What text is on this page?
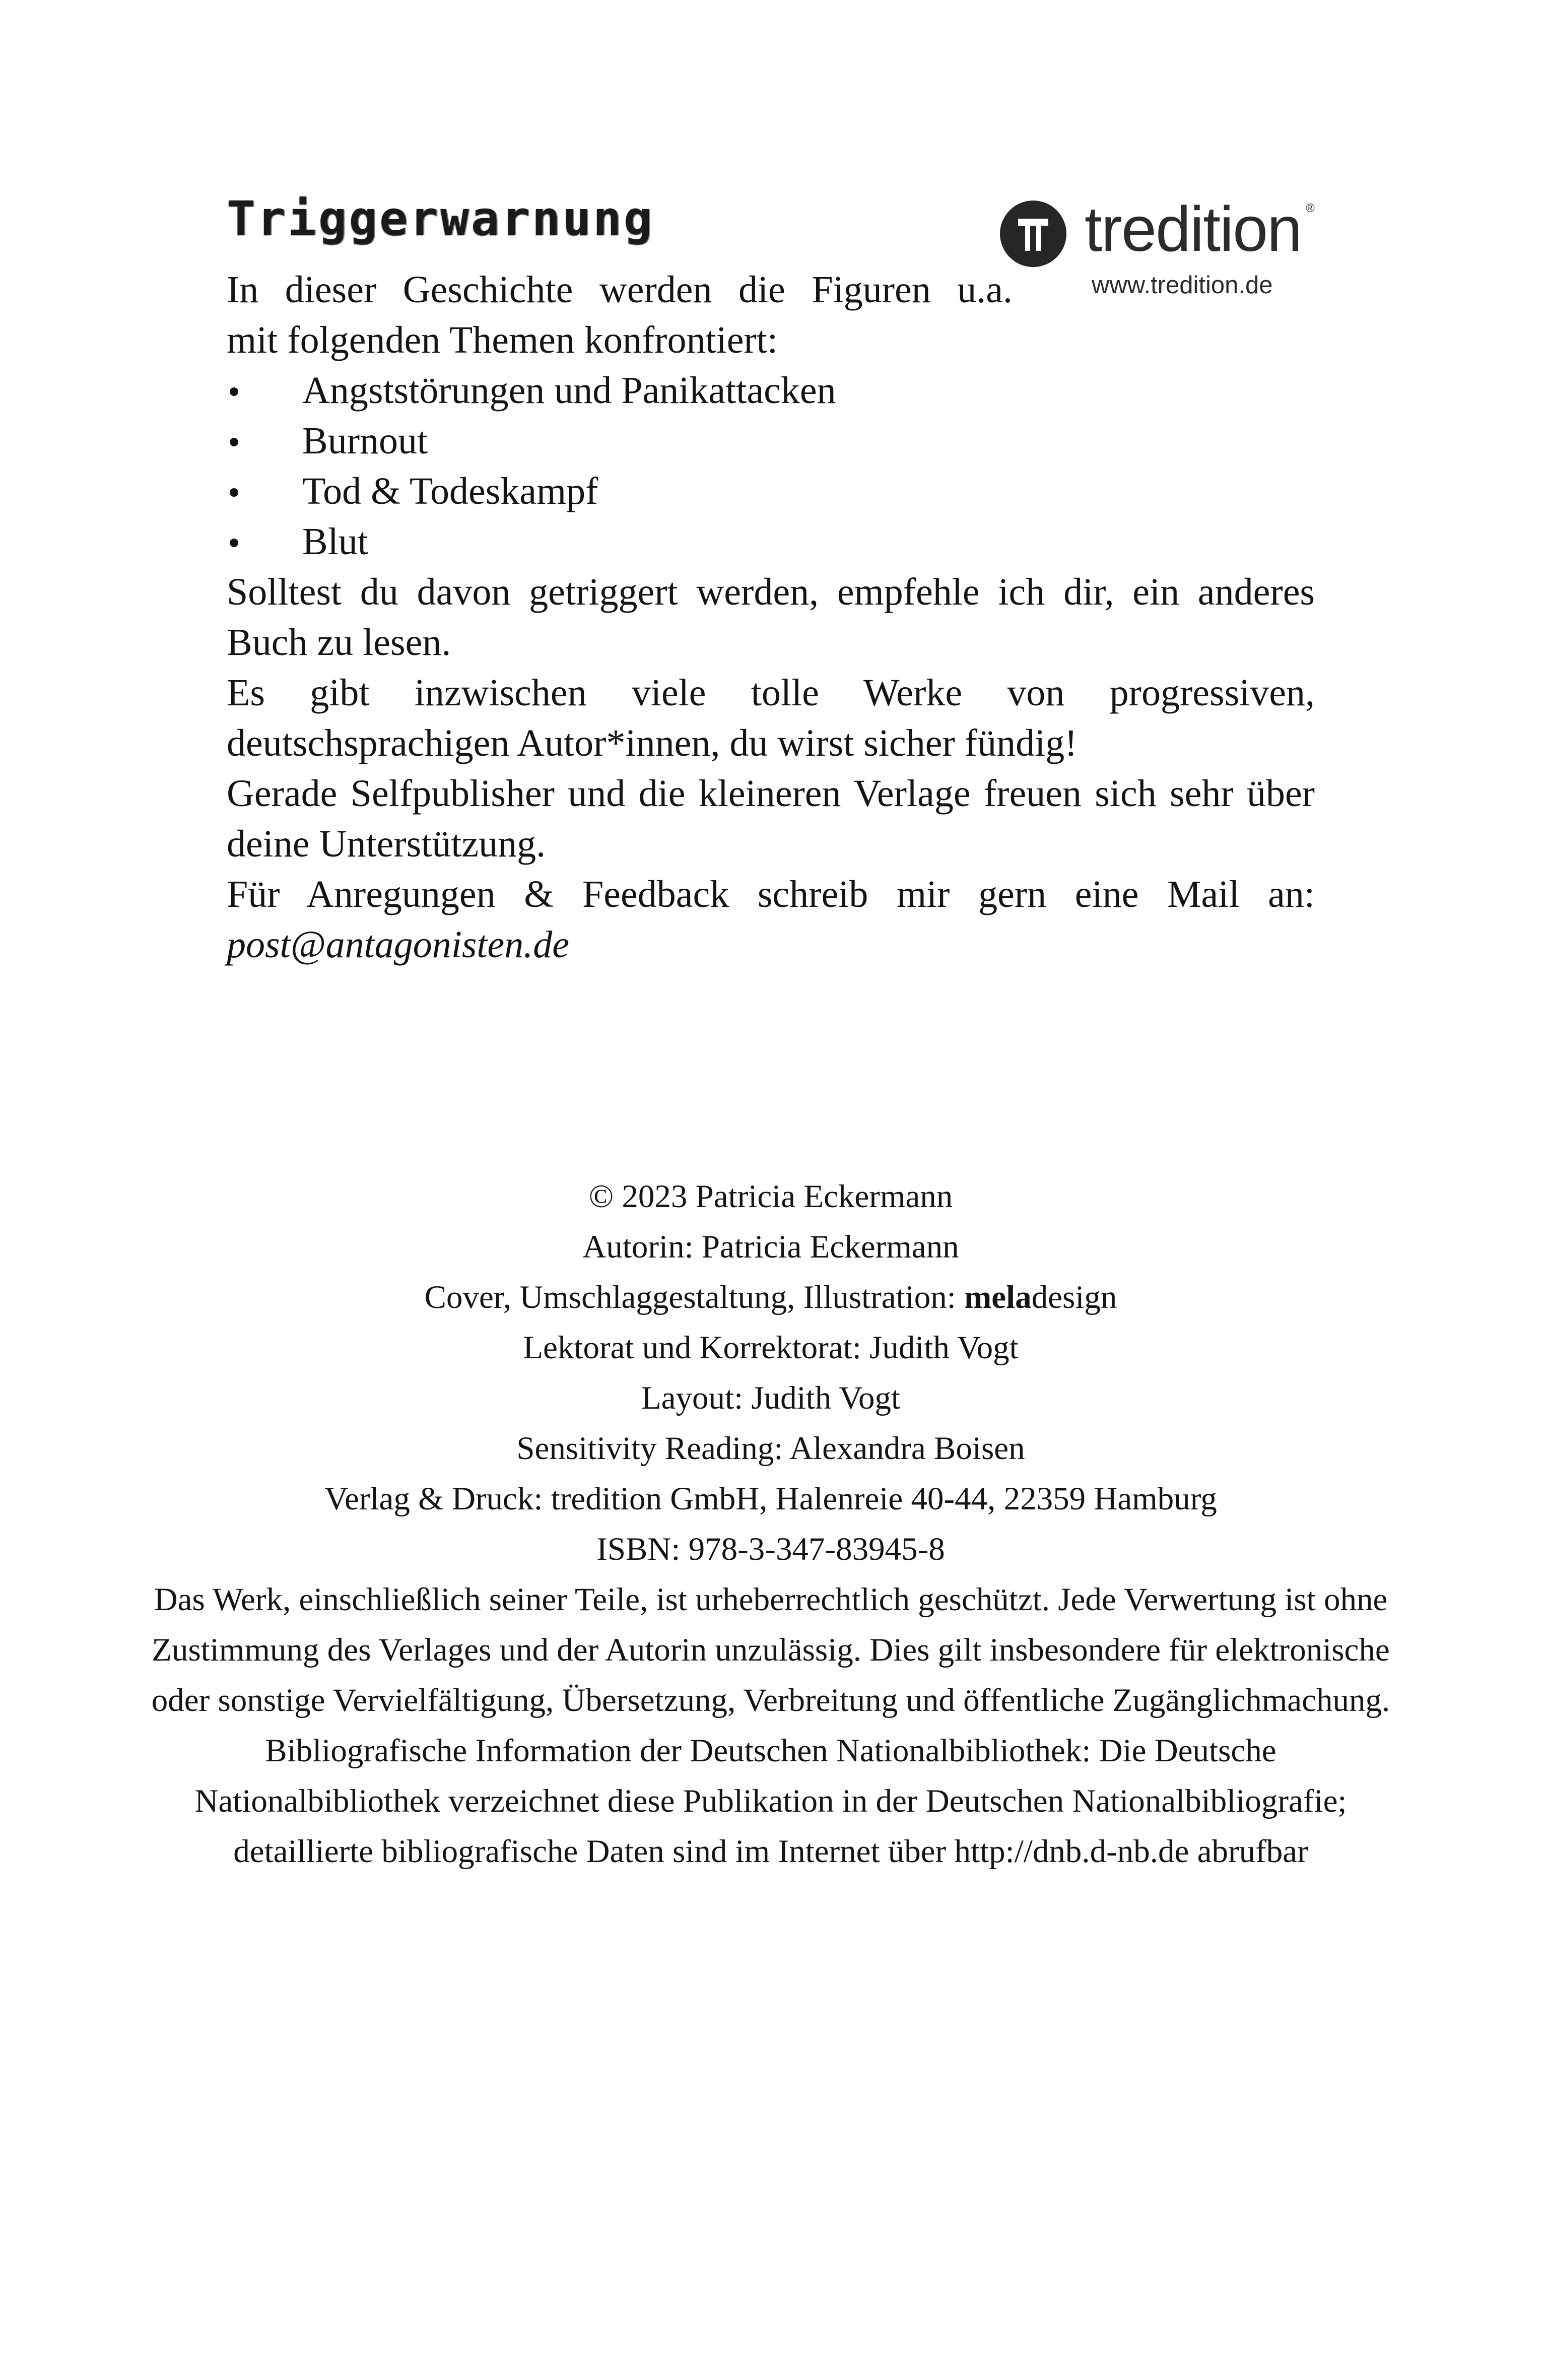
Triggerwarnung	tredition ®
www.tredition.de

In dieser Geschichte werden die Figuren u.a.
mit folgenden Themen konfrontiert:

Angststörungen und Panikattacken
Burnout
Tod & Todeskampf
Blut

Solltest du davon getriggert werden, empfehle ich dir, ein anderes Buch zu lesen.

Es gibt inzwischen viele tolle Werke von progressiven, deutschsprachigen Autor*innen, du wirst sicher fündig!

Gerade Selfpublisher und die kleineren Verlage freuen sich sehr über deine Unterstützung.

Für Anregungen & Feedback schreib mir gern eine Mail an:

post@antagonisten.de
© 2023 Patricia Eckermann
Autorin: Patricia Eckermann
Cover, Umschlaggestaltung, Illustration: meladesign
Lektorat und Korrektorat: Judith Vogt
Layout: Judith Vogt
Sensitivity Reading: Alexandra Boisen
Verlag & Druck: tredition GmbH, Halenreie 40-44, 22359 Hamburg
ISBN: 978-3-347-83945-8
Das Werk, einschließlich seiner Teile, ist urheberrechtlich geschützt. Jede Verwertung ist ohne Zustimmung des Verlages und der Autorin unzulässig. Dies gilt insbesondere für elektronische oder sonstige Vervielfältigung, Übersetzung, Verbreitung und öffentliche Zugänglichmachung.
Bibliografische Information der Deutschen Nationalbibliothek: Die Deutsche Nationalbibliothek verzeichnet diese Publikation in der Deutschen Nationalbibliografie; detaillierte bibliografische Daten sind im Internet über http://dnb.d-nb.de abrufbar
